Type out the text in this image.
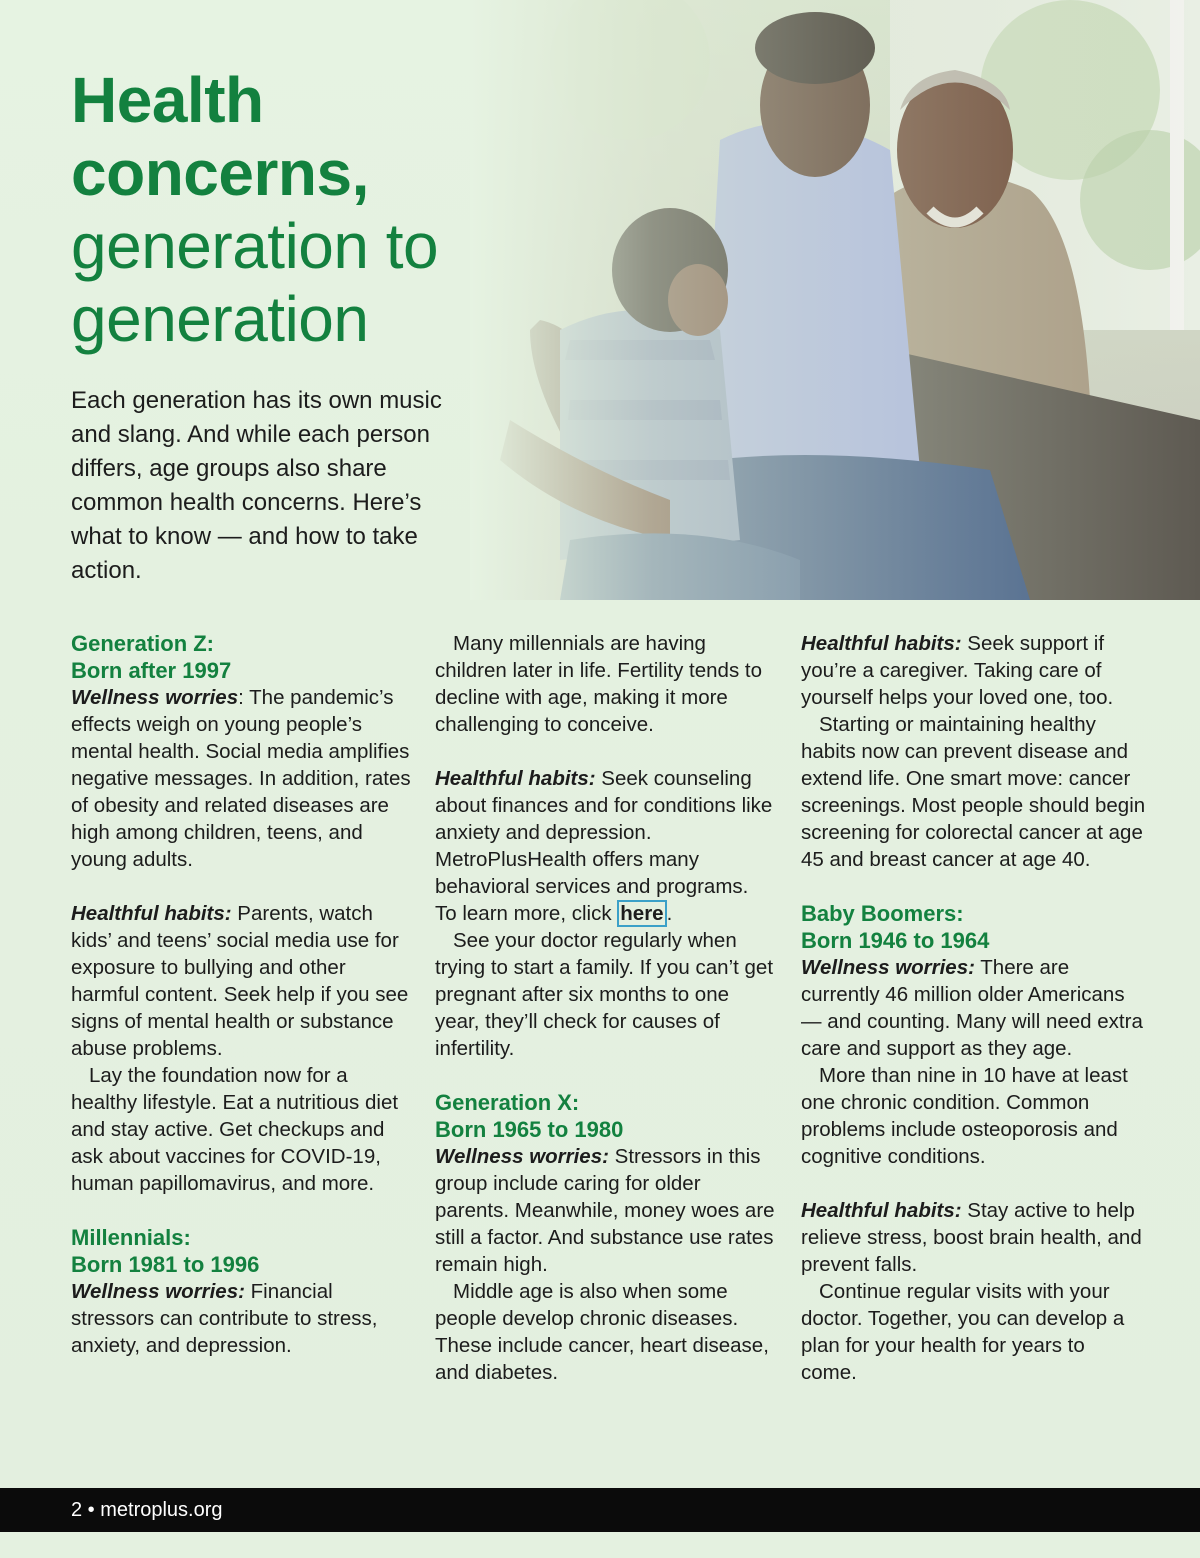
Health concerns,
generation to generation

Each generation has its own music and slang. And while each person differs, age groups also share common health concerns. Here’s what to know — and how to take action.

Generation Z:
Born after 1997

Wellness worries: The pandemic’s effects weigh on young people’s mental health. Social media amplifies negative messages. In addition, rates of obesity and related diseases are high among children, teens, and young adults.

Healthful habits: Parents, watch kids’ and teens’ social media use for exposure to bullying and other harmful content. Seek help if you see signs of mental health or substance abuse problems.

Lay the foundation now for a healthy lifestyle. Eat a nutritious diet and stay active. Get checkups and ask about vaccines for COVID-19, human papillomavirus, and more.

Millennials:
Born 1981 to 1996

Wellness worries: Financial stressors can contribute to stress, anxiety, and depression.

Many millennials are having children later in life. Fertility tends to decline with age, making it more challenging to conceive.

Healthful habits: Seek counseling about finances and for conditions like anxiety and depression. MetroPlusHealth offers many behavioral services and programs. To learn more, click here .

See your doctor regularly when trying to start a family. If you can’t get pregnant after six months to one year, they’ll check for causes of infertility.

Generation X:
Born 1965 to 1980

Wellness worries: Stressors in this group include caring for older parents. Meanwhile, money woes are still a factor. And substance use rates remain high.

Middle age is also when some people develop chronic diseases. These include cancer, heart disease, and diabetes.

Healthful habits: Seek support if you’re a caregiver. Taking care of yourself helps your loved one, too.

Starting or maintaining healthy habits now can prevent disease and extend life. One smart move: cancer screenings. Most people should begin screening for colorectal cancer at age 45 and breast cancer at age 40.

Baby Boomers:
Born 1946 to 1964

Wellness worries: There are currently 46 million older Americans — and counting. Many will need extra care and support as they age.

More than nine in 10 have at least one chronic condition. Common problems include osteoporosis and cognitive conditions.

Healthful habits: Stay active to help relieve stress, boost brain health, and prevent falls.

Continue regular visits with your doctor. Together, you can develop a plan for your health for years to come.

2 • metroplus.org
